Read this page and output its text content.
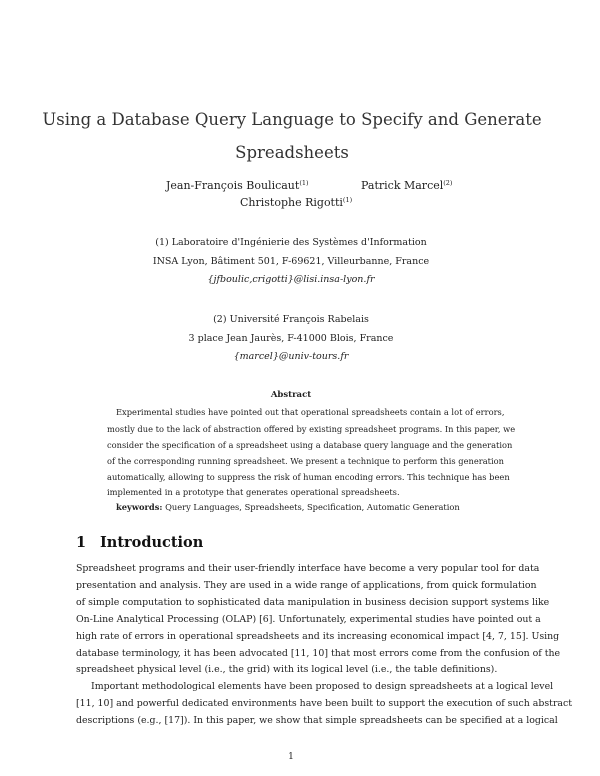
Using a Database Query Language to Specify and Generate
Spreadsheets
Jean-François Boulicaut$^{(1)}$	Patrick Marcel$^{(2)}$
Christophe Rigotti$^{(1)}$
(1) Laboratoire d'Ingénierie des Systèmes d'Information
INSA Lyon, Bâtiment 501, F-69621, Villeurbanne, France
{jfboulic,crigotti}@lisi.insa-lyon.fr
(2) Université François Rabelais
3 place Jean Jaurès, F-41000 Blois, France
{marcel}@univ-tours.fr
Abstract
Experimental studies have pointed out that operational spreadsheets contain a lot of errors,
mostly due to the lack of abstraction offered by existing spreadsheet programs. In this paper, we
consider the specification of a spreadsheet using a database query language and the generation
of the corresponding running spreadsheet. We present a technique to perform this generation
automatically, allowing to suppress the risk of human encoding errors. This technique has been
implemented in a prototype that generates operational spreadsheets.
keywords: Query Languages, Spreadsheets, Specification, Automatic Generation
1 Introduction
Spreadsheet programs and their user-friendly interface have become a very popular tool for data
presentation and analysis. They are used in a wide range of applications, from quick formulation
of simple computation to sophisticated data manipulation in business decision support systems like
On-Line Analytical Processing (OLAP) [6]. Unfortunately, experimental studies have pointed out a
high rate of errors in operational spreadsheets and its increasing economical impact [4, 7, 15]. Using
database terminology, it has been advocated [11, 10] that most errors come from the confusion of the
spreadsheet physical level (i.e., the grid) with its logical level (i.e., the table definitions).
Important methodological elements have been proposed to design spreadsheets at a logical level
[11, 10] and powerful dedicated environments have been built to support the execution of such abstract
descriptions (e.g., [17]). In this paper, we show that simple spreadsheets can be specified at a logical
1
